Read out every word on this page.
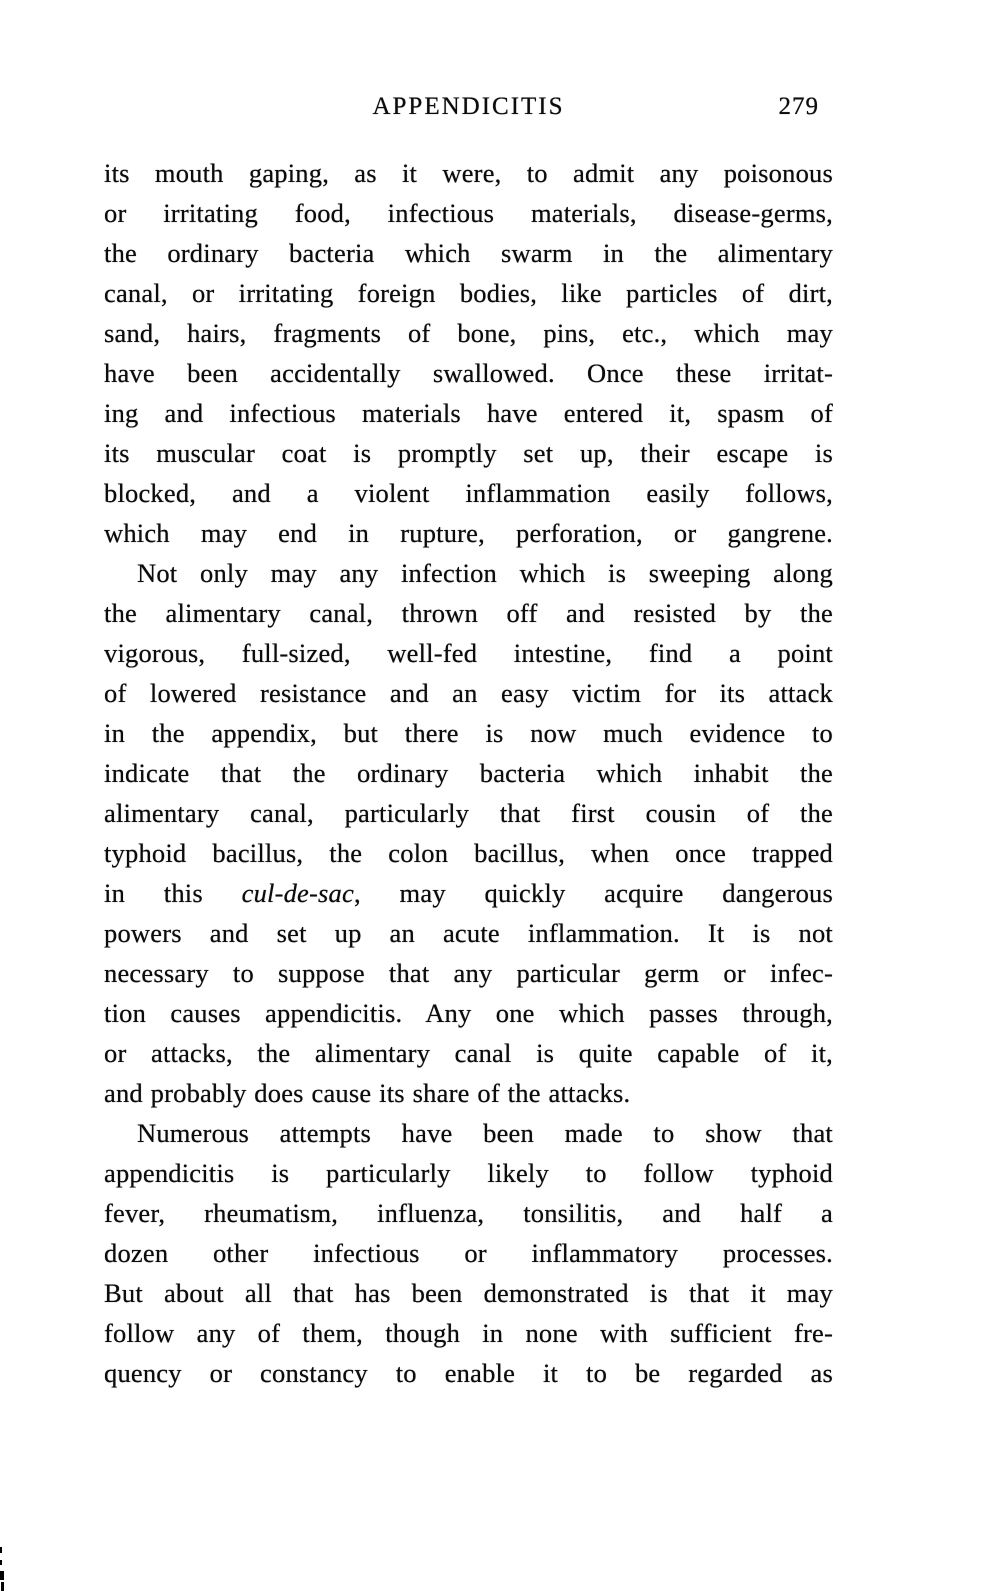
APPENDICITIS	279
its mouth gaping, as it were, to admit any poisonous
or irritating food, infectious materials, disease-germs,
the ordinary bacteria which swarm in the alimentary
canal, or irritating foreign bodies, like particles of dirt,
sand, hairs, fragments of bone, pins, etc., which may
have been accidentally swallowed. Once these irritat-
ing and infectious materials have entered it, spasm of
its muscular coat is promptly set up, their escape is
blocked, and a violent inflammation easily follows,
which may end in rupture, perforation, or gangrene.
Not only may any infection which is sweeping along
the alimentary canal, thrown off and resisted by the
vigorous, full-sized, well-fed intestine, find a point
of lowered resistance and an easy victim for its attack
in the appendix, but there is now much evidence to
indicate that the ordinary bacteria which inhabit the
alimentary canal, particularly that first cousin of the
typhoid bacillus, the colon bacillus, when once trapped
in this cul-de-sac, may quickly acquire dangerous
powers and set up an acute inflammation. It is not
necessary to suppose that any particular germ or infec-
tion causes appendicitis. Any one which passes through,
or attacks, the alimentary canal is quite capable of it,
and probably does cause its share of the attacks.
Numerous attempts have been made to show that
appendicitis is particularly likely to follow typhoid
fever, rheumatism, influenza, tonsilitis, and half a
dozen other infectious or inflammatory processes.
But about all that has been demonstrated is that it may
follow any of them, though in none with sufficient fre-
quency or constancy to enable it to be regarded as
